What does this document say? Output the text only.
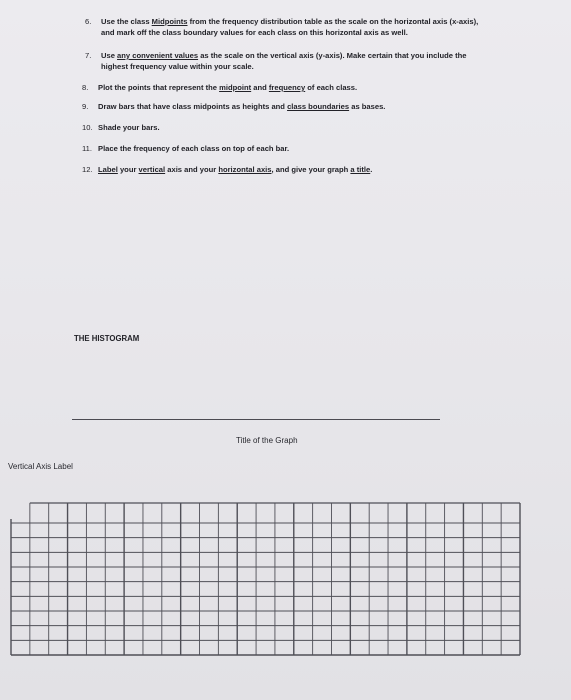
6. Use the class Midpoints from the frequency distribution table as the scale on the horizontal axis (x-axis),
and mark off the class boundary values for each class on this horizontal axis as well.
7. Use any convenient values as the scale on the vertical axis (y-axis). Make certain that you include the
highest frequency value within your scale.
8. Plot the points that represent the midpoint and frequency of each class.
9. Draw bars that have class midpoints as heights and class boundaries as bases.
10. Shade your bars.
11. Place the frequency of each class on top of each bar.
12. Label your vertical axis and your horizontal axis, and give your graph a title.
THE HISTOGRAM
Title of the Graph
Vertical Axis Label
